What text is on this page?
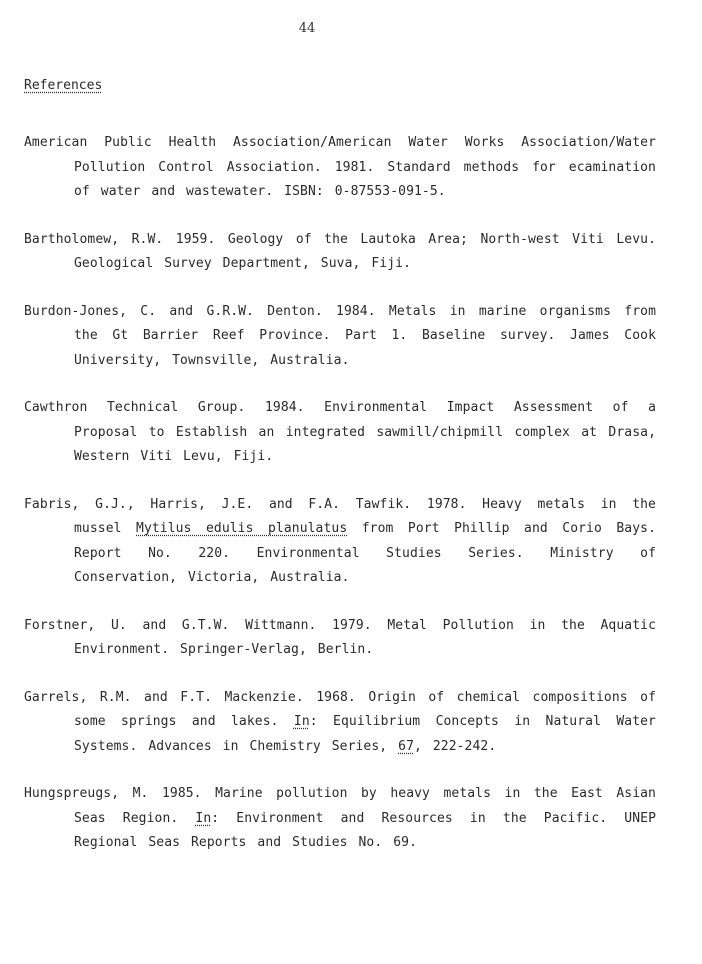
44
References

American Public Health Association/American Water Works Association/Water Pollution Control Association. 1981. Standard methods for ecamination of water and wastewater. ISBN: 0-87553-091-5.

Bartholomew, R.W. 1959. Geology of the Lautoka Area; North-west Viti Levu. Geological Survey Department, Suva, Fiji.

Burdon-Jones, C. and G.R.W. Denton. 1984. Metals in marine organisms from the Gt Barrier Reef Province. Part 1. Baseline survey. James Cook University, Townsville, Australia.

Cawthron Technical Group. 1984. Environmental Impact Assessment of a Proposal to Establish an integrated sawmill/chipmill complex at Drasa, Western Viti Levu, Fiji.

Fabris, G.J., Harris, J.E. and F.A. Tawfik. 1978. Heavy metals in the mussel Mytilus edulis planulatus from Port Phillip and Corio Bays. Report No. 220. Environmental Studies Series. Ministry of Conservation, Victoria, Australia.

Forstner, U. and G.T.W. Wittmann. 1979. Metal Pollution in the Aquatic Environment. Springer-Verlag, Berlin.

Garrels, R.M. and F.T. Mackenzie. 1968. Origin of chemical compositions of some springs and lakes. In: Equilibrium Concepts in Natural Water Systems. Advances in Chemistry Series, 67, 222-242.

Hungspreugs, M. 1985. Marine pollution by heavy metals in the East Asian Seas Region. In: Environment and Resources in the Pacific. UNEP Regional Seas Reports and Studies No. 69.
